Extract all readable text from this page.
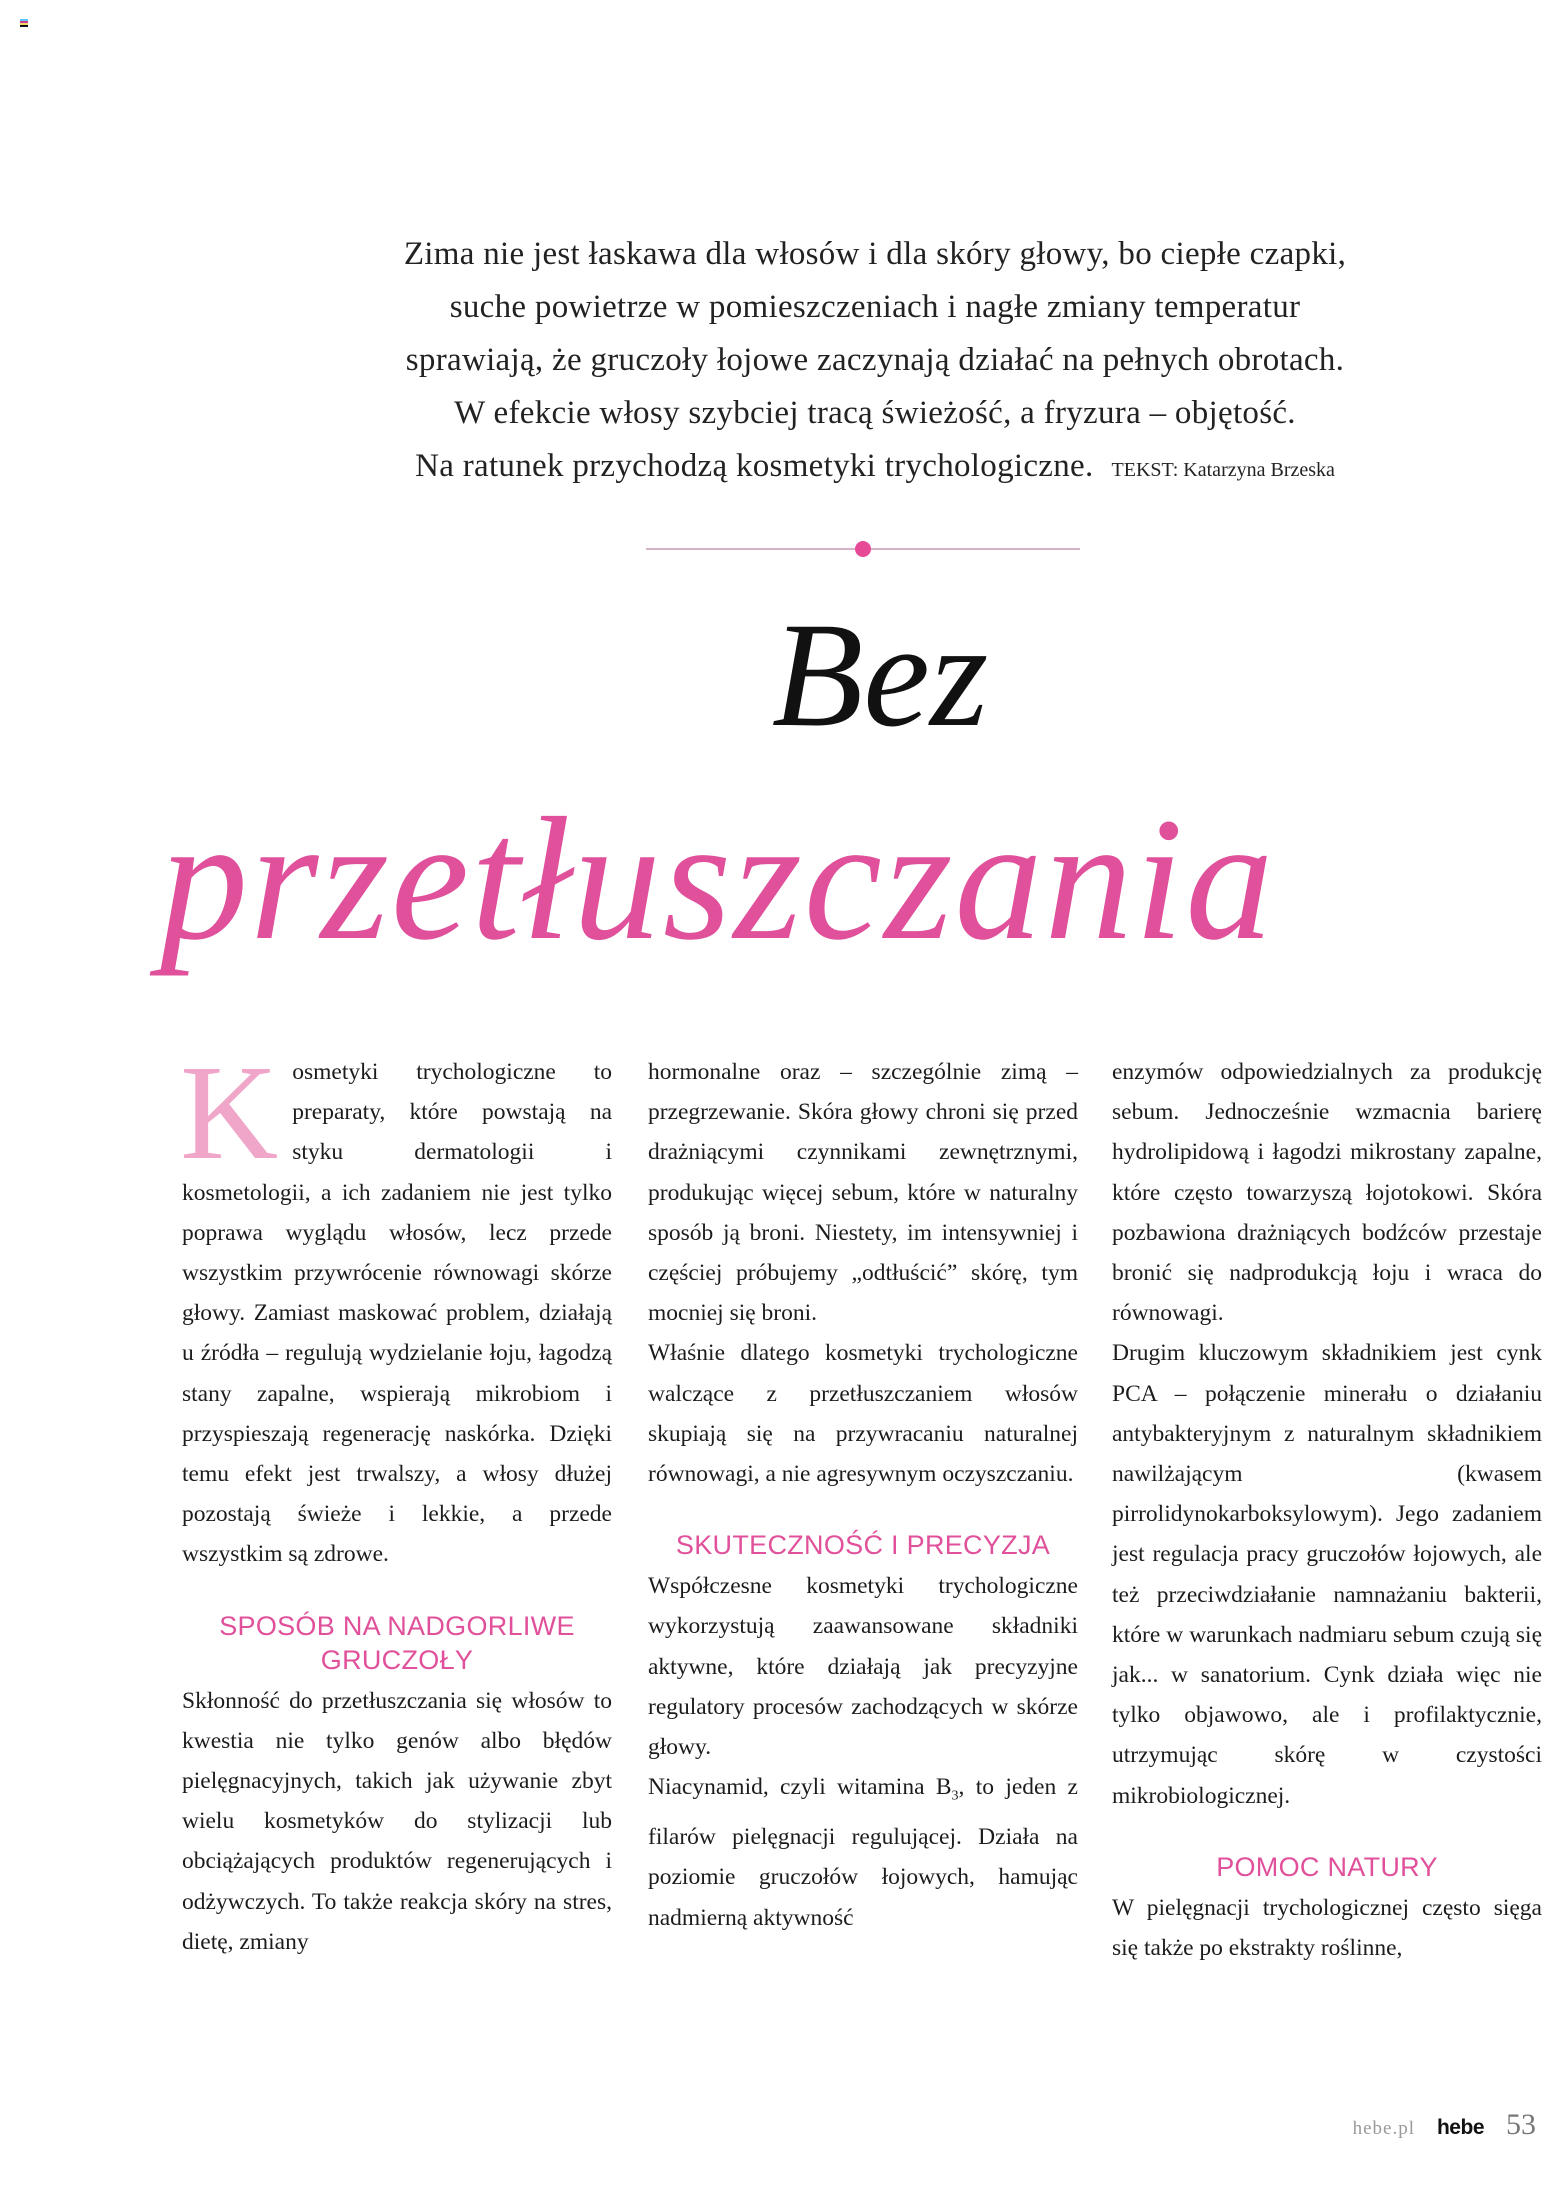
Zima nie jest łaskawa dla włosów i dla skóry głowy, bo ciepłe czapki,
suche powietrze w pomieszczeniach i nagłe zmiany temperatur
sprawiają, że gruczoły łojowe zaczynają działać na pełnych obrotach.
W efekcie włosy szybciej tracą świeżość, a fryzura – objętość.
Na ratunek przychodzą kosmetyki trychologiczne. TEKST: Katarzyna Brzeska
Bez
przetłuszczania

K osmetyki trychologiczne to preparaty, które powstają na styku dermatologii i kosmetologii, a ich zadaniem nie jest tylko poprawa wyglądu włosów, lecz przede wszystkim przywrócenie równowagi skórze głowy. Zamiast maskować problem, działają u źródła – regulują wydzielanie łoju, łagodzą stany zapalne, wspierają mikrobiom i przyspieszają regenerację naskórka. Dzięki temu efekt jest trwalszy, a włosy dłużej pozostają świeże i lekkie, a przede wszystkim są zdrowe.

SPOSÓB NA NADGORLIWE GRUCZOŁY

Skłonność do przetłuszczania się włosów to kwestia nie tylko genów albo błędów pielęgnacyjnych, takich jak używanie zbyt wielu kosmetyków do stylizacji lub obciążających produktów regenerujących i odżywczych. To także reakcja skóry na stres, dietę, zmiany

hormonalne oraz – szczególnie zimą – przegrzewanie. Skóra głowy chroni się przed drażniącymi czynnikami zewnętrznymi, produkując więcej sebum, które w naturalny sposób ją broni. Niestety, im intensywniej i częściej próbujemy „odtłuścić” skórę, tym mocniej się broni.

Właśnie dlatego kosmetyki trychologiczne walczące z przetłuszczaniem włosów skupiają się na przywracaniu naturalnej równowagi, a nie agresywnym oczyszczaniu.

SKUTECZNOŚĆ I PRECYZJA

Współczesne kosmetyki trychologiczne wykorzystują zaawansowane składniki aktywne, które działają jak precyzyjne regulatory procesów zachodzących w skórze głowy.

Niacynamid, czyli witamina $B_3$, to jeden z filarów pielęgnacji regulującej. Działa na poziomie gruczołów łojowych, hamując nadmierną aktywność

enzymów odpowiedzialnych za produkcję sebum. Jednocześnie wzmacnia barierę hydrolipidową i łagodzi mikrostany zapalne, które często towarzyszą łojotokowi. Skóra pozbawiona drażniących bodźców przestaje bronić się nadprodukcją łoju i wraca do równowagi.

Drugim kluczowym składnikiem jest cynk PCA – połączenie minerału o działaniu antybakteryjnym z naturalnym składnikiem nawilżającym (kwasem pirrolidynokarboksylowym). Jego zadaniem jest regulacja pracy gruczołów łojowych, ale też przeciwdziałanie namnażaniu bakterii, które w warunkach nadmiaru sebum czują się jak... w sanatorium. Cynk działa więc nie tylko objawowo, ale i profilaktycznie, utrzymując skórę w czystości mikrobiologicznej.

POMOC NATURY

W pielęgnacji trychologicznej często sięga się także po ekstrakty roślinne,

hebe.pl hebe 53
